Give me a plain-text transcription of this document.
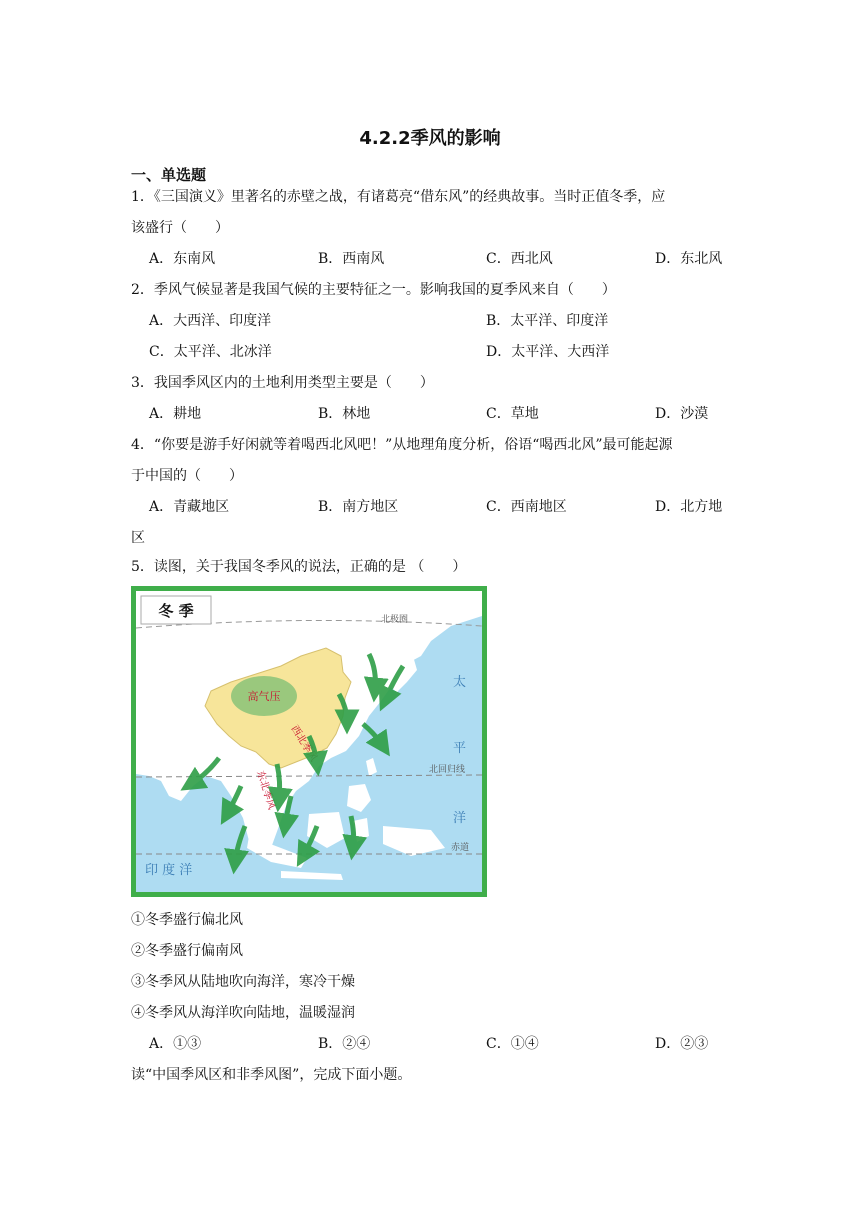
4.2.2季风的影响
一、单选题
1．《三国演义》里著名的赤壁之战，有诸葛亮“借东风”的经典故事。当时正值冬季，应
该盛行（　　）
A．东南风	B．西南风	C．西北风	D．东北风
2．季风气候显著是我国气候的主要特征之一。影响我国的夏季风来自（　　）
A．大西洋、印度洋	B．太平洋、印度洋
C．太平洋、北冰洋	D．太平洋、大西洋
3．我国季风区内的土地利用类型主要是（　　）
A．耕地	B．林地	C．草地	D．沙漠
4．“你要是游手好闲就等着喝西北风吧！”从地理角度分析，俗语“喝西北风”最可能起源
于中国的（　　）
A．青藏地区	B．南方地区	C．西南地区	D．北方地
区
5．读图，关于我国冬季风的说法，正确的是 （　　）
高气压
北极圈
北回归线
赤道
冬 季
西北季风
东北季风
太
平
洋
印 度 洋
①冬季盛行偏北风
②冬季盛行偏南风
③冬季风从陆地吹向海洋，寒冷干燥
④冬季风从海洋吹向陆地，温暖湿润
A．①③	B．②④	C．①④	D．②③
读“中国季风区和非季风图”，完成下面小题。
